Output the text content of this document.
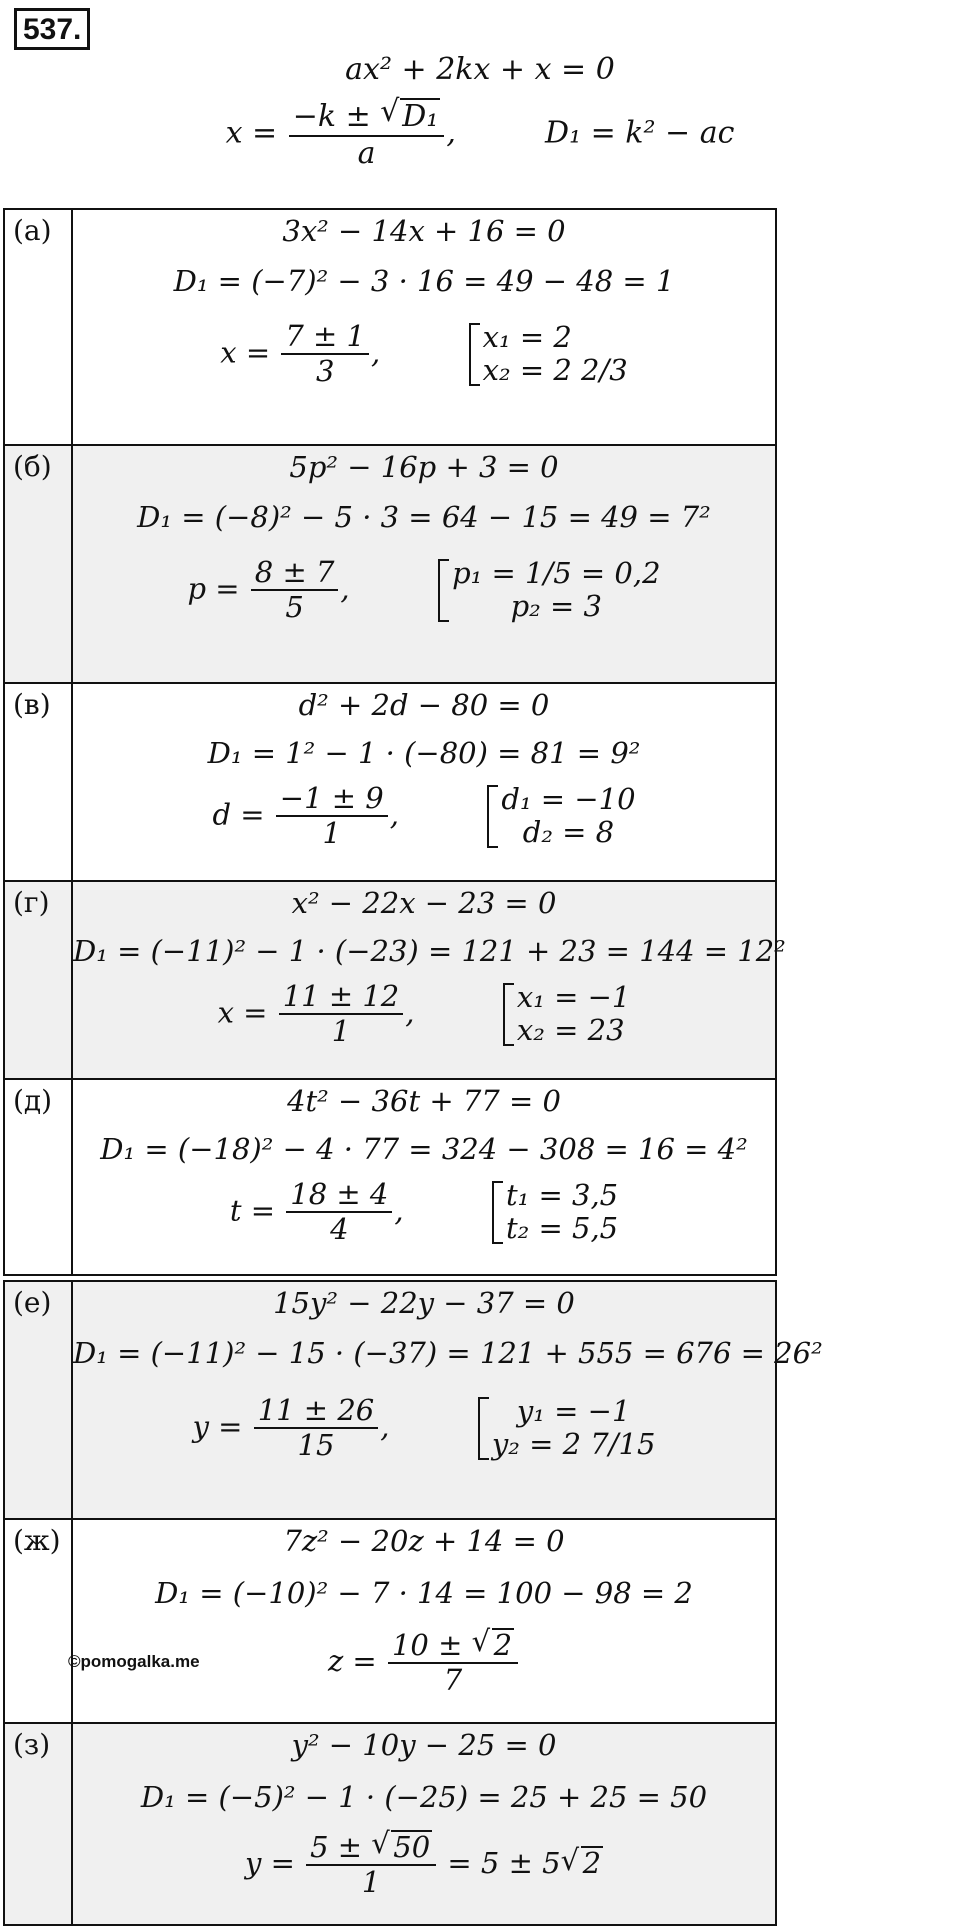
537.
ax² + 2kx + x = 0
$x = \frac{\text{−k ± √ D₁}}{a}$ ,	D₁ = k² − ac
(а)	3x² − 14x + 16 = 0
D₁ = (−7)² − 3 · 16 = 49 − 48 = 1
$x = \frac{7 \pm 1}{3}$ ,	x₁ = 2
x₂ = 2 2/3
(б)	5p² − 16p + 3 = 0
D₁ = (−8)² − 5 · 3 = 64 − 15 = 49 = 7²
$p = \frac{8 \pm 7}{5}$ ,	p₁ = 1/5 = 0,2
p₂ = 3
(в)	d² + 2d − 80 = 0
D₁ = 1² − 1 · (−80) = 81 = 9²
$d = \frac{-1 \pm 9}{1}$ ,	d₁ = −10
d₂ = 8
(г)	x² − 22x − 23 = 0
D₁ = (−11)² − 1 · (−23) = 121 + 23 = 144 = 12²
$x = \frac{11 \pm 12}{1}$ ,	x₁ = −1
x₂ = 23
(д)	4t² − 36t + 77 = 0
D₁ = (−18)² − 4 · 77 = 324 − 308 = 16 = 4²
$t = \frac{18 \pm 4}{4}$ ,	t₁ = 3,5
t₂ = 5,5
(е)	15y² − 22y − 37 = 0
D₁ = (−11)² − 15 · (−37) = 121 + 555 = 676 = 26²
$y = \frac{11 \pm 26}{15}$ ,	y₁ = −1
y₂ = 2 7/15
(ж)	7z² − 20z + 14 = 0
D₁ = (−10)² − 7 · 14 = 100 − 98 = 2
$z = \frac{10 \pm √ 2}{7}$
(з)	y² − 10y − 25 = 0
D₁ = (−5)² − 1 · (−25) = 25 + 25 = 50
$y = \frac{5 \pm √ 50}{1} = 5 \pm 5√$ 2
©pomogalka.me
